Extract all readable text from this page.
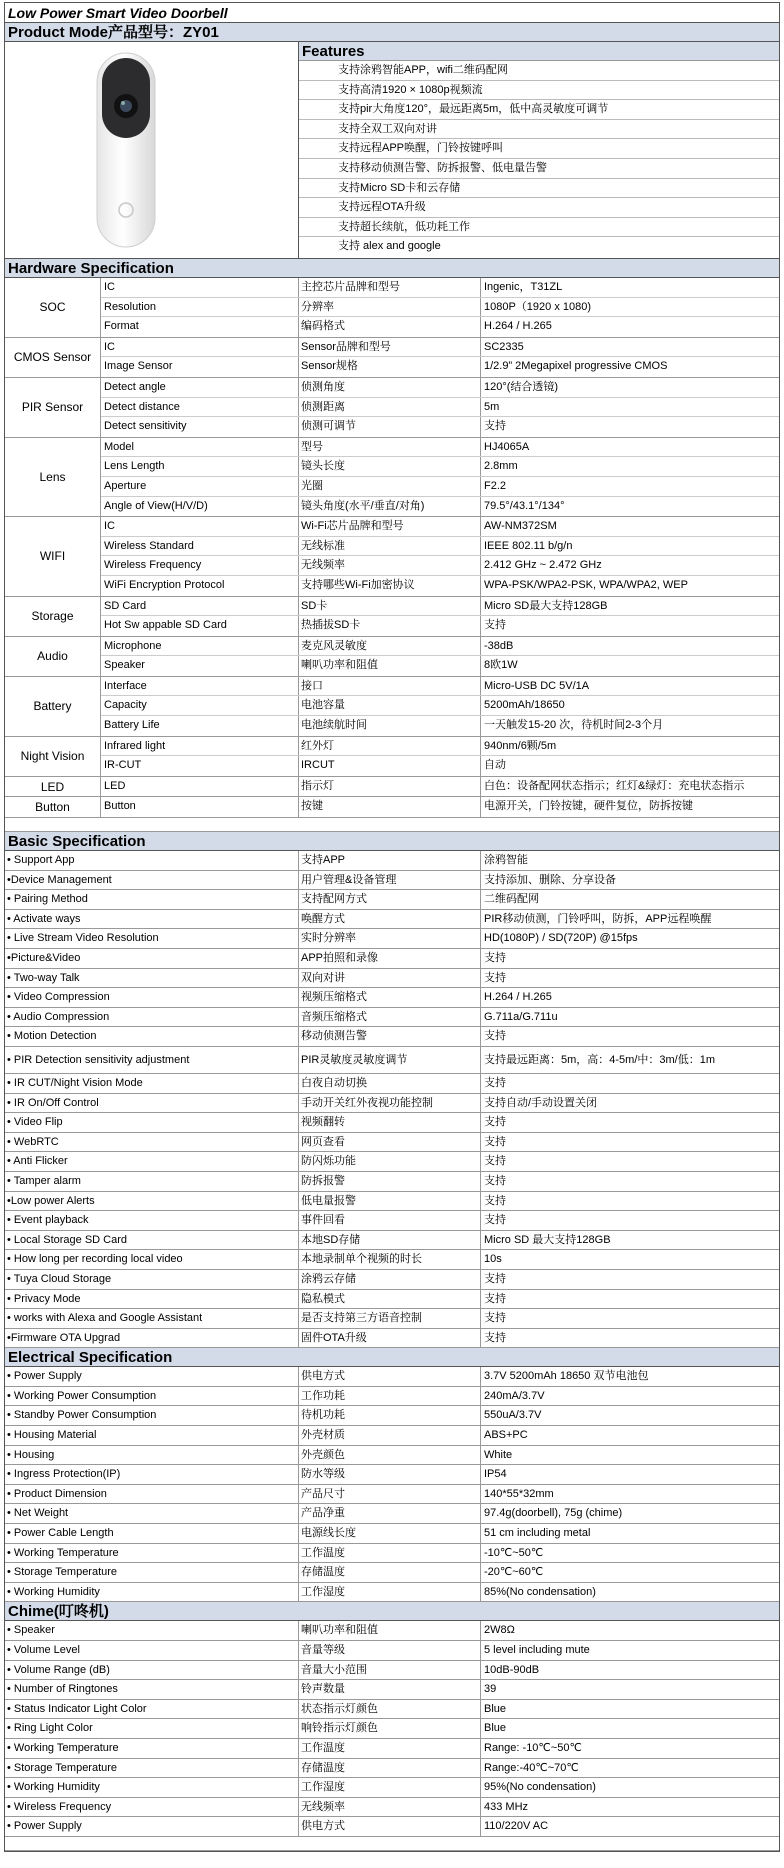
Low Power Smart Video Doorbell
Product Mode产品型号：ZY01
Features
支持涂鸦智能APP，wifi二维码配网
支持高清1920 × 1080p视频流
支持pir大角度120°，最远距离5m，低中高灵敏度可调节
支持全双工双向对讲
支持远程APP唤醒，门铃按键呼叫
支持移动侦测告警、防拆报警、低电量告警
支持Micro SD卡和云存储
支持远程OTA升级
支持超长续航，低功耗工作
支持 alex and google
Hardware Specification
SOC
IC	主控芯片品牌和型号	Ingenic，T31ZL
Resolution	分辨率	1080P（1920 x 1080)
Format	编码格式	H.264 / H.265
CMOS Sensor
IC	Sensor品牌和型号	SC2335
Image Sensor	Sensor规格	1/2.9” 2Megapixel progressive CMOS
PIR Sensor
Detect angle	侦测角度	120°(结合透镜)
Detect distance	侦测距离	5m
Detect sensitivity	侦测可调节	支持
Lens
Model	型号	HJ4065A
Lens Length	镜头长度	2.8mm
Aperture	光圈	F2.2
Angle of View(H/V/D)	镜头角度(水平/垂直/对角)	79.5°/43.1°/134°
WIFI
IC	Wi-Fi芯片品牌和型号	AW-NM372SM
Wireless Standard	无线标准	IEEE 802.11 b/g/n
Wireless Frequency	无线频率	2.412 GHz ~ 2.472 GHz
WiFi Encryption Protocol	支持哪些Wi-Fi加密协议	WPA-PSK/WPA2-PSK, WPA/WPA2, WEP
Storage
SD Card	SD卡	Micro SD最大支持128GB
Hot Sw appable SD Card	热插拔SD卡	支持
Audio
Microphone	麦克风灵敏度	-38dB
Speaker	喇叭功率和阻值	8欧1W
Battery
Interface	接口	Micro-USB DC 5V/1A
Capacity	电池容量	5200mAh/18650
Battery Life	电池续航时间	一天触发15-20 次，待机时间2-3个月
Night Vision
Infrared light	红外灯	940nm/6颗/5m
IR-CUT	IRCUT	自动
LED	LED	指示灯	白色：设备配网状态指示；红灯&绿灯：充电状态指示
Button	Button	按键	电源开关，门铃按键，硬件复位，防拆按键
Basic Specification
• Support App	支持APP	涂鸦智能
•Device Management	用户管理&设备管理	支持添加、删除、分享设备
• Pairing Method	支持配网方式	二维码配网
• Activate ways	唤醒方式	PIR移动侦测，门铃呼叫，防拆，APP远程唤醒
• Live Stream Video Resolution	实时分辨率	HD(1080P) / SD(720P) @15fps
•Picture&Video	APP拍照和录像	支持
• Two-way Talk	双向对讲	支持
• Video Compression	视频压缩格式	H.264 / H.265
• Audio Compression	音频压缩格式	G.711a/G.711u
• Motion Detection	移动侦测告警	支持
• PIR Detection sensitivity adjustment	PIR灵敏度灵敏度调节	支持最远距离：5m，高：4-5m/中：3m/低：1m
• IR CUT/Night Vision Mode	白夜自动切换	支持
• IR On/Off Control	手动开关红外夜视功能控制	支持自动/手动设置关闭
• Video Flip	视频翻转	支持
• WebRTC	网页查看	支持
• Anti Flicker	防闪烁功能	支持
• Tamper alarm	防拆报警	支持
•Low power Alerts	低电量报警	支持
• Event playback	事件回看	支持
• Local Storage SD Card	本地SD存储	Micro SD 最大支持128GB
• How long per recording local video	本地录制单个视频的时长	10s
• Tuya Cloud Storage	涂鸦云存储	支持
• Privacy Mode	隐私模式	支持
• works with Alexa and Google Assistant	是否支持第三方语音控制	支持
•Firmware OTA Upgrad	固件OTA升级	支持
Electrical Specification
• Power Supply	供电方式	3.7V 5200mAh 18650 双节电池包
• Working Power Consumption	工作功耗	240mA/3.7V
• Standby Power Consumption	待机功耗	550uA/3.7V
• Housing Material	外壳材质	ABS+PC
• Housing	外壳颜色	White
• Ingress Protection(IP)	防水等级	IP54
• Product Dimension	产品尺寸	140*55*32mm
• Net Weight	产品净重	97.4g(doorbell), 75g (chime)
• Power Cable Length	电源线长度	51 cm including metal
• Working Temperature	工作温度	-10℃~50℃
• Storage Temperature	存储温度	-20℃~60℃
• Working Humidity	工作湿度	85%(No condensation)
Chime(叮咚机)
• Speaker	喇叭功率和阻值	2W8Ω
• Volume Level	音量等级	5 level including mute
• Volume Range (dB)	音量大小范围	10dB-90dB
• Number of Ringtones	铃声数量	39
• Status Indicator Light Color	状态指示灯颜色	Blue
• Ring Light Color	响铃指示灯颜色	Blue
• Working Temperature	工作温度	Range: -10℃~50℃
• Storage Temperature	存储温度	Range:-40℃~70℃
• Working Humidity	工作湿度	95%(No condensation)
• Wireless Frequency	无线频率	433 MHz
• Power Supply	供电方式	110/220V AC
